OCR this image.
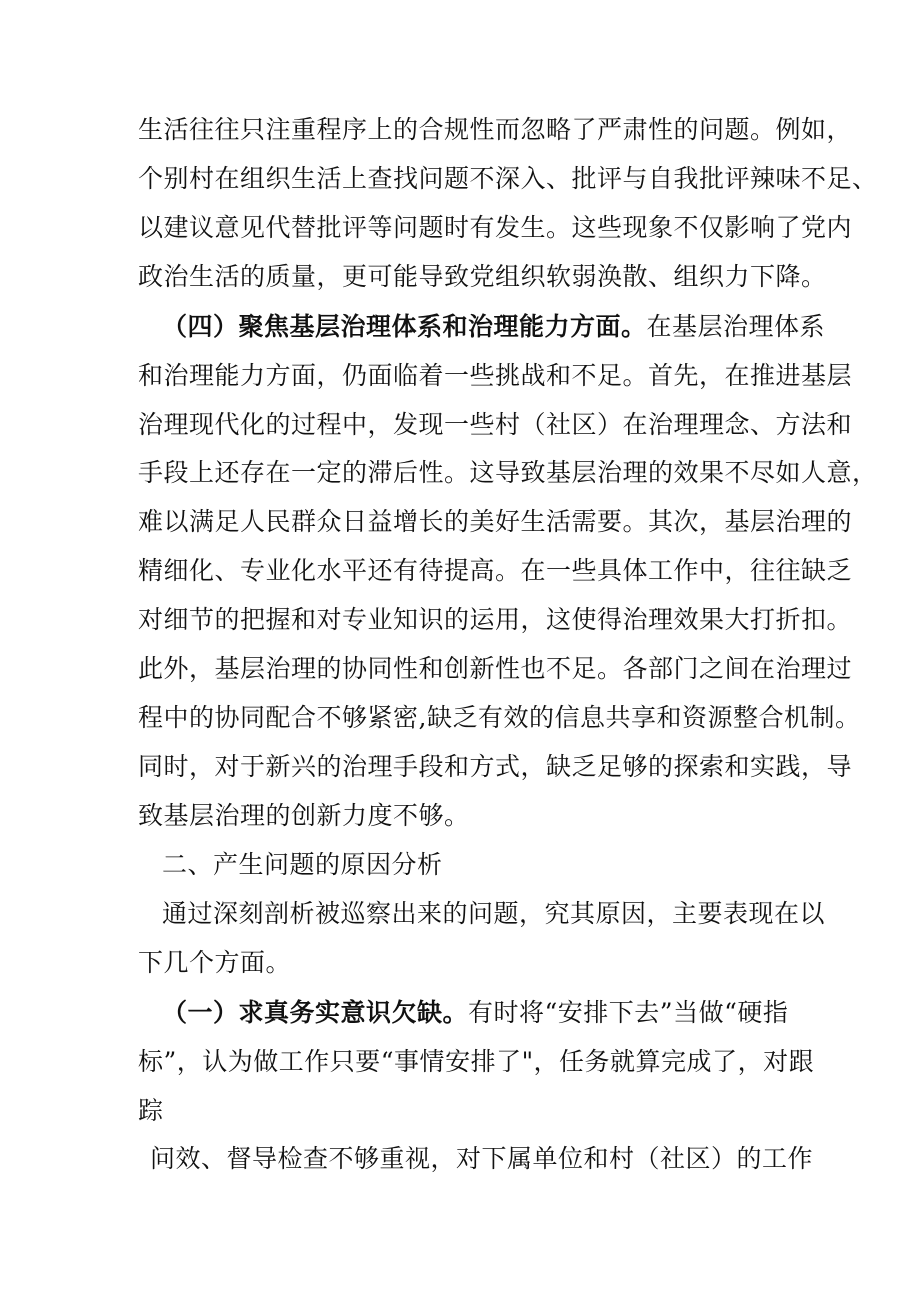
生活往往只注重程序上的合规性而忽略了严肃性的问题。例如，
个别村在组织生活上查找问题不深入、批评与自我批评辣味不足、
以建议意见代替批评等问题时有发生。这些现象不仅影响了党内
政治生活的质量，更可能导致党组织软弱涣散、组织力下降。
（四）聚焦基层治理体系和治理能力方面。在基层治理体系
和治理能力方面，仍面临着一些挑战和不足。首先，在推进基层
治理现代化的过程中，发现一些村（社区）在治理理念、方法和
手段上还存在一定的滞后性。这导致基层治理的效果不尽如人意，
难以满足人民群众日益增长的美好生活需要。其次，基层治理的
精细化、专业化水平还有待提高。在一些具体工作中，往往缺乏
对细节的把握和对专业知识的运用，这使得治理效果大打折扣。
此外，基层治理的协同性和创新性也不足。各部门之间在治理过
程中的协同配合不够紧密,缺乏有效的信息共享和资源整合机制。
同时，对于新兴的治理手段和方式，缺乏足够的探索和实践，导
致基层治理的创新力度不够。
二、产生问题的原因分析
通过深刻剖析被巡察出来的问题，究其原因，主要表现在以
下几个方面。
（一）求真务实意识欠缺。有时将“安排下去”当做“硬指
标”，认为做工作只要“事情安排了"，任务就算完成了，对跟
踪
问效、督导检查不够重视，对下属单位和村（社区）的工作
